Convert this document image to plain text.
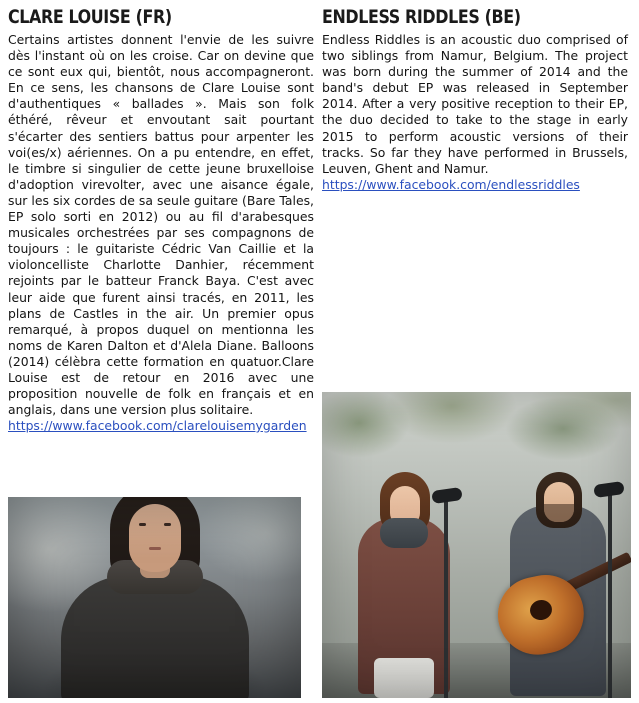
CLARE LOUISE (FR)

Certains artistes donnent l'envie de les suivre dès l'instant où on les croise. Car on devine que ce sont eux qui, bientôt, nous accompagneront. En ce sens, les chansons de Clare Louise sont d'authentiques « ballades ». Mais son folk éthéré, rêveur et envoutant sait pourtant s'écarter des sentiers battus pour arpenter les voi(es/x) aériennes. On a pu entendre, en effet, le timbre si singulier de cette jeune bruxelloise d'adoption virevolter, avec une aisance égale, sur les six cordes de sa seule guitare (Bare Tales, EP solo sorti en 2012) ou au fil d'arabesques musicales orchestrées par ses compagnons de toujours : le guitariste Cédric Van Caillie et la violoncelliste Charlotte Danhier, récemment rejoints par le batteur Franck Baya. C'est avec leur aide que furent ainsi tracés, en 2011, les plans de Castles in the air. Un premier opus remarqué, à propos duquel on mentionna les noms de Karen Dalton et d'Alela Diane. Balloons (2014) célèbra cette formation en quatuor.Clare Louise est de retour en 2016 avec une proposition nouvelle de folk en français et en anglais, dans une version plus solitaire.

https://www.facebook.com/clarelouisemygarden
ENDLESS RIDDLES (BE)

Endless Riddles is an acoustic duo comprised of two siblings from Namur, Belgium. The project was born during the summer of 2014 and the band's debut EP was released in September 2014. After a very positive reception to their EP, the duo decided to take to the stage in early 2015 to perform acoustic versions of their tracks. So far they have performed in Brussels, Leuven, Ghent and Namur.

https://www.facebook.com/endlessriddles
